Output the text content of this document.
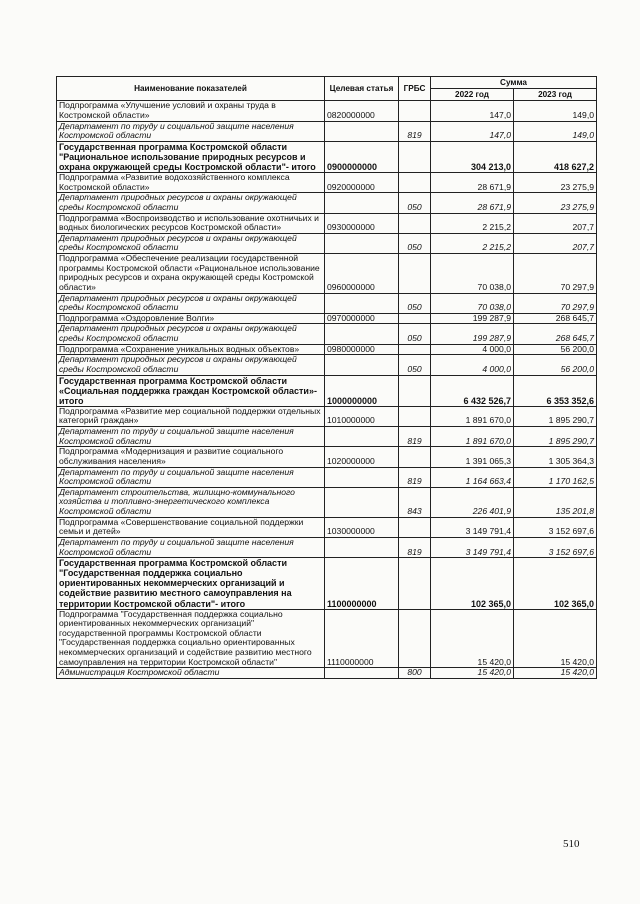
Наименование показателей	Целевая статья	ГРБС	Сумма	
			2022 год	2023 год
Подпрограмма «Улучшение условий и охраны труда в Костромской области»	0820000000		147,0	149,0
Департамент по труду и социальной защите населения Костромской области		819	147,0	149,0
Государственная программа Костромской области "Рациональное использование природных ресурсов и охрана окружающей среды Костромской области"- итого	0900000000		304 213,0	418 627,2
Подпрограмма «Развитие водохозяйственного комплекса Костромской области»	0920000000		28 671,9	23 275,9
Департамент природных ресурсов и охраны окружающей среды Костромской области		050	28 671,9	23 275,9
Подпрограмма «Воспроизводство и использование охотничьих и водных биологических ресурсов Костромской области»	0930000000		2 215,2	207,7
Департамент природных ресурсов и охраны окружающей среды Костромской области		050	2 215,2	207,7
Подпрограмма «Обеспечение реализации государственной программы Костромской области «Рациональное использование природных ресурсов и охрана окружающей среды Костромской области»	0960000000		70 038,0	70 297,9
Департамент природных ресурсов и охраны окружающей среды Костромской области		050	70 038,0	70 297,9
Подпрограмма «Оздоровление Волги»	0970000000		199 287,9	268 645,7
Департамент природных ресурсов и охраны окружающей среды Костромской области		050	199 287,9	268 645,7
Подпрограмма «Сохранение уникальных водных объектов»	0980000000		4 000,0	56 200,0
Департамент природных ресурсов и охраны окружающей среды Костромской области		050	4 000,0	56 200,0
Государственная программа Костромской области «Социальная поддержка граждан Костромской области»- итого	1000000000		6 432 526,7	6 353 352,6
Подпрограмма «Развитие мер социальной поддержки отдельных категорий граждан»	1010000000		1 891 670,0	1 895 290,7
Департамент по труду и социальной защите населения Костромской области		819	1 891 670,0	1 895 290,7
Подпрограмма «Модернизация и развитие социального обслуживания населения»	1020000000		1 391 065,3	1 305 364,3
Департамент по труду и социальной защите населения Костромской области		819	1 164 663,4	1 170 162,5
Департамент строительства, жилищно-коммунального хозяйства и топливно-энергетического комплекса Костромской области		843	226 401,9	135 201,8
Подпрограмма «Совершенствование социальной поддержки семьи и детей»	1030000000		3 149 791,4	3 152 697,6
Департамент по труду и социальной защите населения Костромской области		819	3 149 791,4	3 152 697,6
Государственная программа Костромской области "Государственная поддержка социально ориентированных некоммерческих организаций и содействие развитию местного самоуправления на территории Костромской области"- итого	1100000000		102 365,0	102 365,0
Подпрограмма "Государственная поддержка социально ориентированных некоммерческих организаций" государственной программы Костромской области "Государственная поддержка социально ориентированных некоммерческих организаций и содействие развитию местного самоуправления на территории Костромской области"	1110000000		15 420,0	15 420,0
Администрация Костромской области		800	15 420,0	15 420,0
510
